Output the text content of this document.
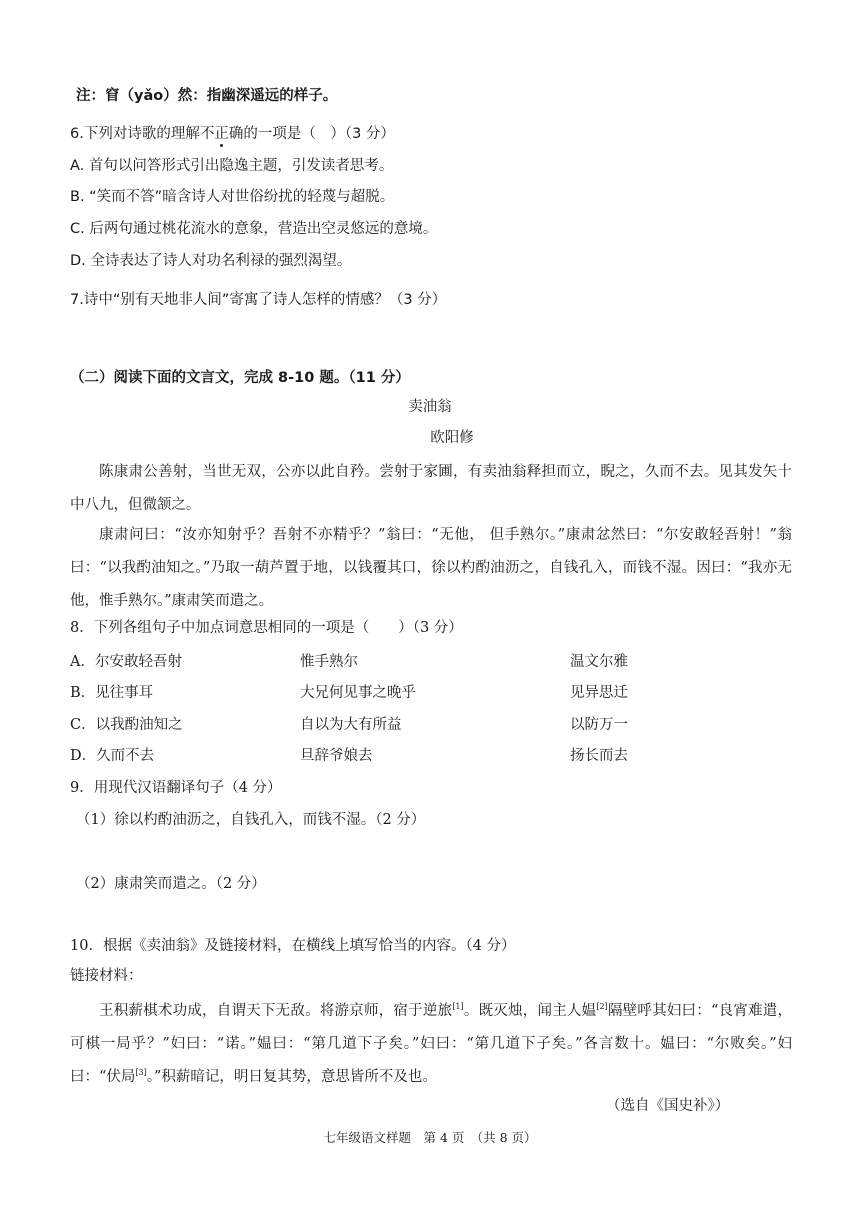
注：窅（yǎo）然：指幽深遥远的样子。
6.下列对诗歌的理解不正确的一项是（　）（3 分）
A. 首句以问答形式引出隐逸主题，引发读者思考。
B. “笑而不答”暗含诗人对世俗纷扰的轻蔑与超脱。
C. 后两句通过桃花流水的意象，营造出空灵悠远的意境。
D. 全诗表达了诗人对功名利禄的强烈渴望。
7.诗中“别有天地非人间”寄寓了诗人怎样的情感？（3 分）
（二）阅读下面的文言文，完成 8-10 题。（11 分）
卖油翁
欧阳修

陈康肃公善射，当世无双，公亦以此自矜。尝射于家圃，有卖油翁释担而立，睨之，久而不去。见其发矢十中八九，但微颔之。

康肃问曰：“汝亦知射乎？吾射不亦精乎？”翁曰：“无他， 但手熟尔。”康肃忿然曰：“尔安敢轻吾射！”翁曰：“以我酌油知之。”乃取一葫芦置于地，以钱覆其口，徐以杓酌油沥之，自钱孔入，而钱不湿。因曰：“我亦无他，惟手熟尔。”康肃笑而遣之。

8．下列各组句子中加点词意思相同的一项是（　　）（3 分）
A．尔安敢轻吾射	惟手熟尔	温文尔雅
B．见往事耳	大兄何见事之晚乎	见异思迁
C．以我酌油知之	自以为大有所益	以防万一
D．久而不去	旦辞爷娘去	扬长而去
9．用现代汉语翻译句子（4 分）
（1）徐以杓酌油沥之，自钱孔入，而钱不湿。（2 分）
（2）康肃笑而遣之。（2 分）
10．根据《卖油翁》及链接材料，在横线上填写恰当的内容。（4 分）
链接材料：

王积薪棋术功成，自谓天下无敌。将游京师，宿于逆旅[1]。既灭烛，闻主人媪[2]隔壁呼其妇曰：“良宵难遣，可棋一局乎？”妇曰：“诺。”媪曰：“第几道下子矣。”妇曰：“第几道下子矣。”各言数十。媪曰：“尔败矣。”妇曰：“伏局[3]。”积薪暗记，明日复其势，意思皆所不及也。

（选自《国史补》）
七年级语文样题　第 4 页　（共 8 页）
